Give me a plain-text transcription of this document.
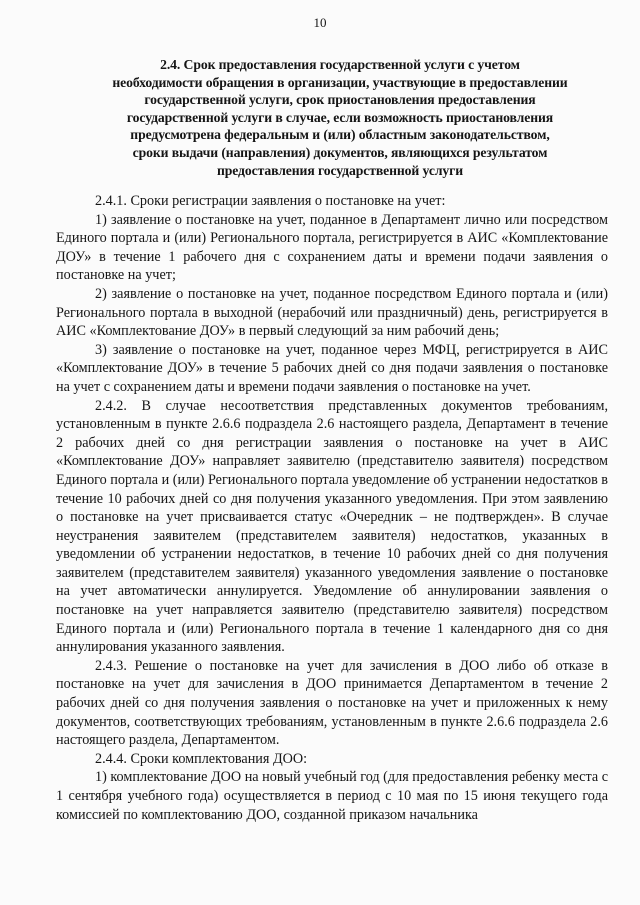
10
2.4. Срок предоставления государственной услуги с учетом
необходимости обращения в организации, участвующие в предоставлении
государственной услуги, срок приостановления предоставления
государственной услуги в случае, если возможность приостановления
предусмотрена федеральным и (или) областным законодательством,
сроки выдачи (направления) документов, являющихся результатом
предоставления государственной услуги

2.4.1. Сроки регистрации заявления о постановке на учет:

1) заявление о постановке на учет, поданное в Департамент лично или посредством Единого портала и (или) Регионального портала, регистрируется в АИС «Комплектование ДОУ» в течение 1 рабочего дня с сохранением даты и времени подачи заявления о постановке на учет;

2) заявление о постановке на учет, поданное посредством Единого портала и (или) Регионального портала в выходной (нерабочий или праздничный) день, регистрируется в АИС «Комплектование ДОУ» в первый следующий за ним рабочий день;

3) заявление о постановке на учет, поданное через МФЦ, регистрируется в АИС «Комплектование ДОУ» в течение 5 рабочих дней со дня подачи заявления о постановке на учет с сохранением даты и времени подачи заявления о постановке на учет.

2.4.2. В случае несоответствия представленных документов требованиям, установленным в пункте 2.6.6 подраздела 2.6 настоящего раздела, Департамент в течение 2 рабочих дней со дня регистрации заявления о постановке на учет в АИС «Комплектование ДОУ» направляет заявителю (представителю заявителя) посредством Единого портала и (или) Регионального портала уведомление об устранении недостатков в течение 10 рабочих дней со дня получения указанного уведомления. При этом заявлению о постановке на учет присваивается статус «Очередник – не подтвержден». В случае неустранения заявителем (представителем заявителя) недостатков, указанных в уведомлении об устранении недостатков, в течение 10 рабочих дней со дня получения заявителем (представителем заявителя) указанного уведомления заявление о постановке на учет автоматически аннулируется. Уведомление об аннулировании заявления о постановке на учет направляется заявителю (представителю заявителя) посредством Единого портала и (или) Регионального портала в течение 1 календарного дня со дня аннулирования указанного заявления.

2.4.3. Решение о постановке на учет для зачисления в ДОО либо об отказе в постановке на учет для зачисления в ДОО принимается Департаментом в течение 2 рабочих дней со дня получения заявления о постановке на учет и приложенных к нему документов, соответствующих требованиям, установленным в пункте 2.6.6 подраздела 2.6 настоящего раздела, Департаментом.

2.4.4. Сроки комплектования ДОО:

1) комплектование ДОО на новый учебный год (для предоставления ребенку места с 1 сентября учебного года) осуществляется в период с 10 мая по 15 июня текущего года комиссией по комплектованию ДОО, созданной приказом начальника
